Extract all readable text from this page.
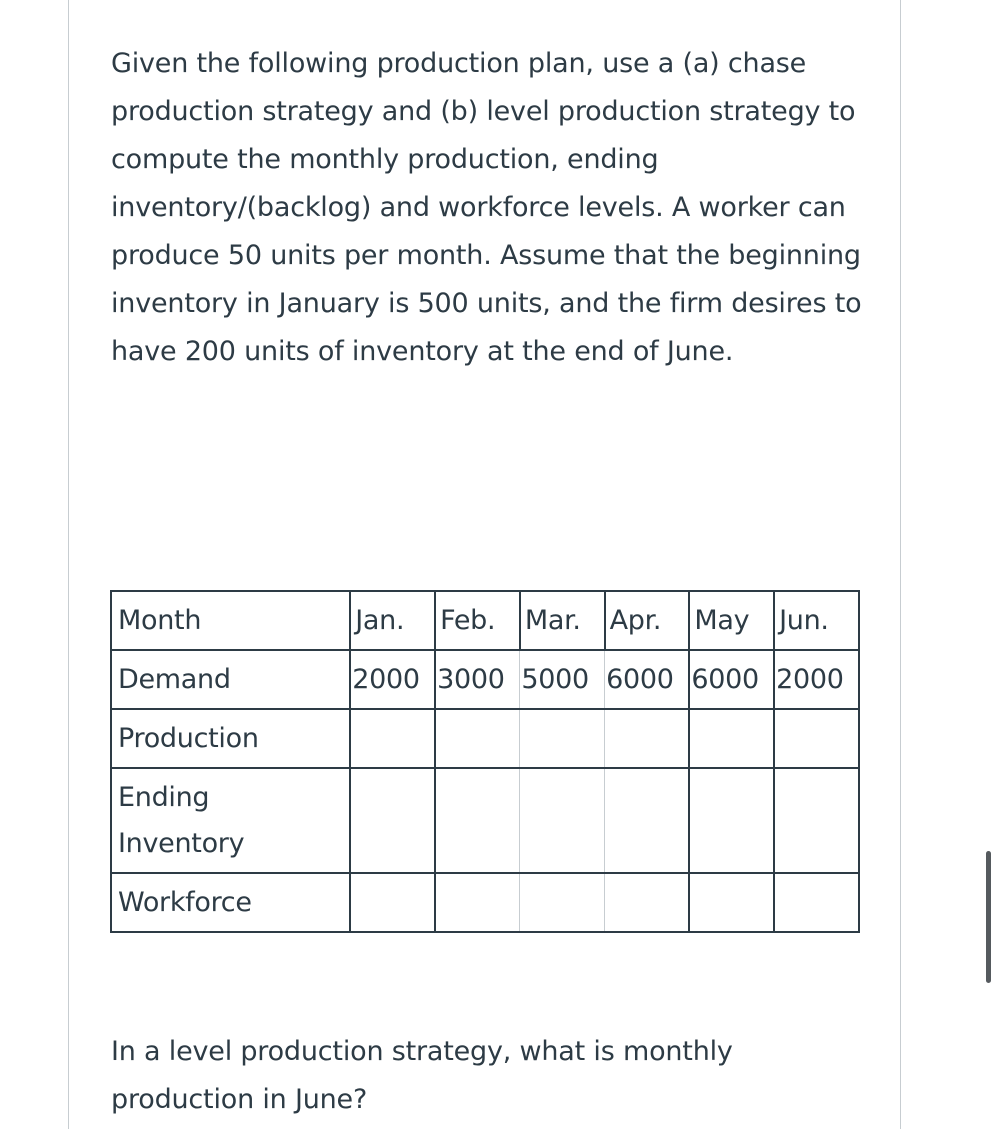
Given the following production plan, use a (a) chase production strategy and (b) level production strategy to compute the monthly production, ending inventory/(backlog) and workforce levels. A worker can produce 50 units per month. Assume that the beginning inventory in January is 500 units, and the firm desires to have 200 units of inventory at the end of June.

Month	Jan.	Feb.	Mar.	Apr.	May	Jun.
Demand	2000	3000	5000	6000	6000	2000
Production						
Ending
Inventory						
Workforce						

In a level production strategy, what is monthly
production in June?
